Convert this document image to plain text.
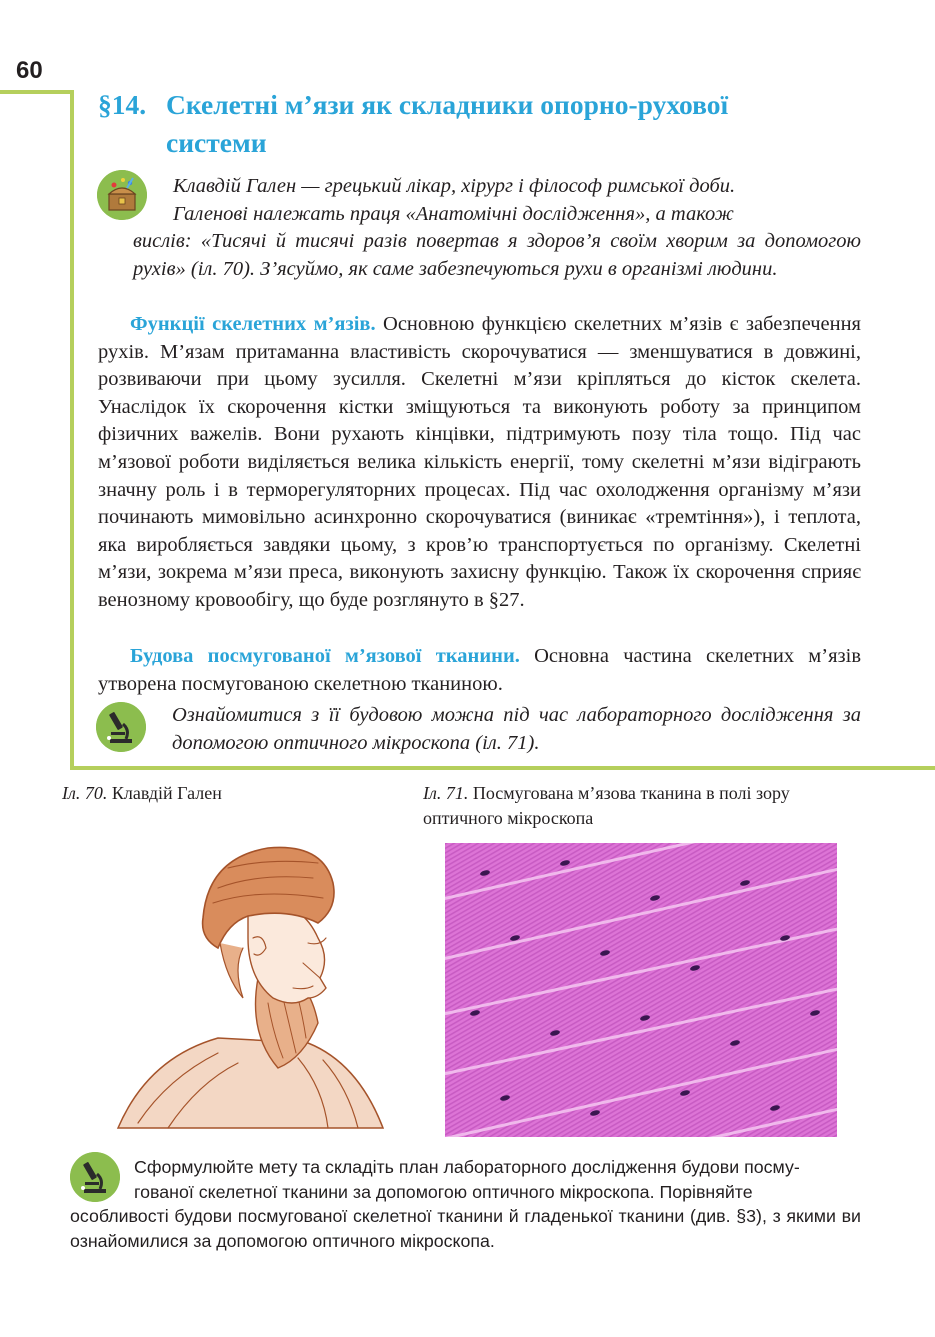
60
§14. Скелетні м’язи як складники опорно-рухової
системи
Клавдій Гален — грецький лікар, хірург і філософ римської доби.
Галенові належать праця «Анатомічні дослідження», а також
вислів: «Тисячі й тисячі разів повертав я здоров’я своїм хворим за допомогою рухів» (іл. 70). З’ясуймо, як саме забезпечуються рухи в організмі людини.

Функції скелетних м’язів. Основною функцією скелетних м’язів є забезпечення рухів. М’язам притаманна властивість скорочуватися — зменшуватися в довжині, розвиваючи при цьому зусилля. Скелетні м’язи кріпляться до кісток скелета. Унаслідок їх скорочення кістки зміщуються та виконують роботу за принципом фізичних важелів. Вони рухають кінцівки, підтримують позу тіла тощо. Під час м’язової роботи виділяється велика кількість енергії, тому скелетні м’язи відіграють значну роль і в терморегуляторних процесах. Під час охолодження організму м’язи починають мимовільно асинхронно скорочуватися (виникає «тремтіння»), і теплота, яка виробляється завдяки цьому, з кров’ю транспортується по організму. Скелетні м’язи, зокрема м’язи преса, виконують захисну функцію. Також їх скорочення сприяє венозному кровообігу, що буде розглянуто в §27.

Будова посмугованої м’язової тканини. Основна частина скелетних м’язів утворена посмугованою скелетною тканиною.

Ознайомитися з її будовою можна під час лабораторного дослідження за допомогою оптичного мікроскопа (іл. 71).
Іл. 70. Клавдій Гален	Іл. 71. Посмугована м’язова тканина в полі зору оптичного мікроскопа
Сформулюйте мету та складіть план лабораторного дослідження будови посму-
гованої скелетної тканини за допомогою оптичного мікроскопа. Порівняйте
особливості будови посмугованої скелетної тканини й гладенької тканини (див. §3), з якими ви ознайомилися за допомогою оптичного мікроскопа.
